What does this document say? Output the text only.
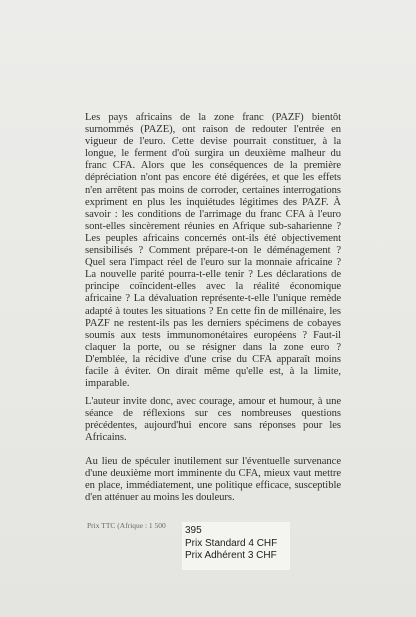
Les pays africains de la zone franc (PAZF) bientôt surnommés (PAZE), ont raison de redouter l'entrée en vigueur de l'euro. Cette devise pourrait constituer, à la longue, le ferment d'où surgira un deuxième malheur du franc CFA. Alors que les conséquences de la première dépréciation n'ont pas encore été digérées, et que les effets n'en arrêtent pas moins de corroder, certaines interrogations expriment en plus les inquiétudes légitimes des PAZF. À savoir : les conditions de l'arrimage du franc CFA à l'euro sont-elles sincèrement réunies en Afrique sub-saharienne ? Les peuples africains concernés ont-ils été objectivement sensibilisés ? Comment prépare-t-on le déménagement ? Quel sera l'impact réel de l'euro sur la monnaie africaine ? La nouvelle parité pourra-t-elle tenir ? Les déclarations de principe coïncident-elles avec la réalité économique africaine ? La dévaluation représente-t-elle l'unique remède adapté à toutes les situations ? En cette fin de millénaire, les PAZF ne restent-ils pas les derniers spécimens de cobayes soumis aux tests immunomonétaires européens ? Faut-il claquer la porte, ou se résigner dans la zone euro ? D'emblée, la récidive d'une crise du CFA apparaît moins facile à éviter. On dirait même qu'elle est, à la limite, imparable.

L'auteur invite donc, avec courage, amour et humour, à une séance de réflexions sur ces nombreuses questions précédentes, aujourd'hui encore sans réponses pour les Africains.

Au lieu de spéculer inutilement sur l'éventuelle survenance d'une deuxième mort imminente du CFA, mieux vaut mettre en place, immédiatement, une politique efficace, susceptible d'en atténuer au moins les douleurs.

Prix TTC (Afrique : 1 500 395
Prix Standard 4 CHF
Prix Adhérent 3 CHF
